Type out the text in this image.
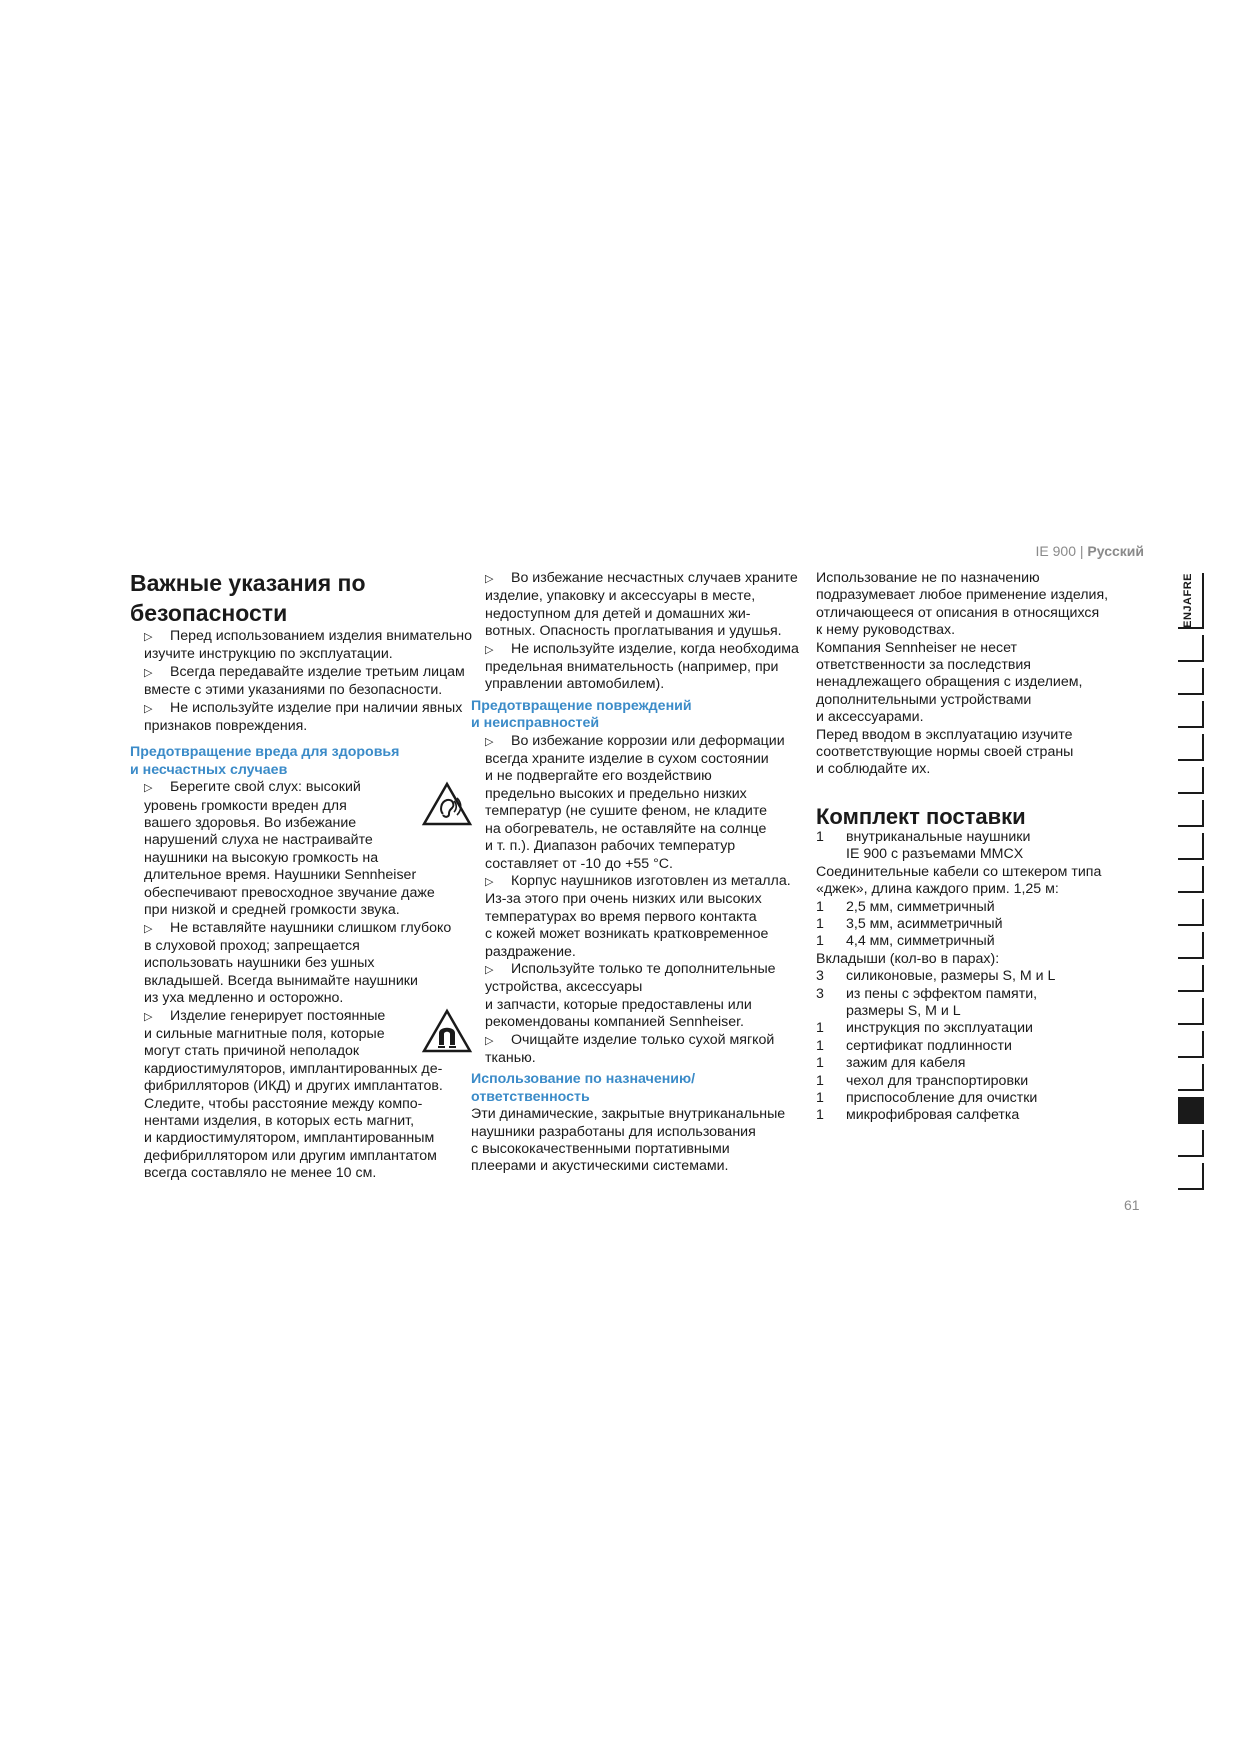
IE 900 | Русский

Важные указания по
безопасности

▷ Перед использованием изделия внимательно изучите инструкцию по эксплуатации.

▷ Всегда передавайте изделие третьим лицам вместе с этими указаниями по безопасности.

▷ Не используйте изделие при наличии явных признаков повреждения.

Предотвращение вреда для здоровья
и несчастных случаев

▷ Берегите свой слух: высокий

уровень громкости вреден для

вашего здоровья. Во избежание

нарушений слуха не настраивайте

наушники на высокую громкость на

длительное время. Наушники Sennheiser

обеспечивают превосходное звучание даже

при низкой и средней громкости звука.

▷ Не вставляйте наушники слишком глубоко

в слуховой проход; запрещается

использовать наушники без ушных

вкладышей. Всегда вынимайте наушники

из уха медленно и осторожно.

▷ Изделие генерирует постоянные

и сильные магнитные поля, которые

могут стать причиной неполадок

кардиостимуляторов, имплантированных де-

фибрилляторов (ИКД) и других имплантатов.

Следите, чтобы расстояние между компо-

нентами изделия, в которых есть магнит,

и кардиостимулятором, имплантированным

дефибриллятором или другим имплантатом

всегда составляло не менее 10 см.

▷ Во избежание несчастных случаев храните

изделие, упаковку и аксессуары в месте,

недоступном для детей и домашних жи-

вотных. Опасность проглатывания и удушья.

▷ Не используйте изделие, когда необходима

предельная внимательность (например, при

управлении автомобилем).

Предотвращение повреждений
и неисправностей

▷ Во избежание коррозии или деформации

всегда храните изделие в сухом состоянии

и не подвергайте его воздействию

предельно высоких и предельно низких

температур (не сушите феном, не кладите

на обогреватель, не оставляйте на солнце

и т. п.). Диапазон рабочих температур

составляет от -10 до +55 °C.

▷ Корпус наушников изготовлен из металла.

Из-за этого при очень низких или высоких

температурах во время первого контакта

с кожей может возникать кратковременное

раздражение.

▷ Используйте только те дополнительные

устройства, аксессуары

и запчасти, которые предоставлены или

рекомендованы компанией Sennheiser.

▷ Очищайте изделие только сухой мягкой

тканью.

Использование по назначению/
ответственность

Эти динамические, закрытые внутриканальные

наушники разработаны для использования

с высококачественными портативными

плеерами и акустическими системами.

Использование не по назначению

подразумевает любое применение изделия,

отличающееся от описания в относящихся

к нему руководствах.

Компания Sennheiser не несет

ответственности за последствия

ненадлежащего обращения с изделием,

дополнительными устройствами

и аксессуарами.

Перед вводом в эксплуатацию изучите

соответствующие нормы своей страны

и соблюдайте их.

Комплект поставки

1	внутриканальные наушники
IE 900 с разъемами MMCX

Соединительные кабели со штекером типа

«джек», длина каждого прим. 1,25 м:

1	2,5 мм, симметричный
1	3,5 мм, асимметричный
1	4,4 мм, симметричный

Вкладыши (кол-во в парах):

3	силиконовые, размеры S, M и L
3	из пены с эффектом памяти,
размеры S, M и L
1	инструкция по эксплуатации
1	сертификат подлинности
1	зажим для кабеля
1	чехол для транспортировки
1	приспособление для очистки
1	микрофибровая салфетка
ENJAFRE
61
